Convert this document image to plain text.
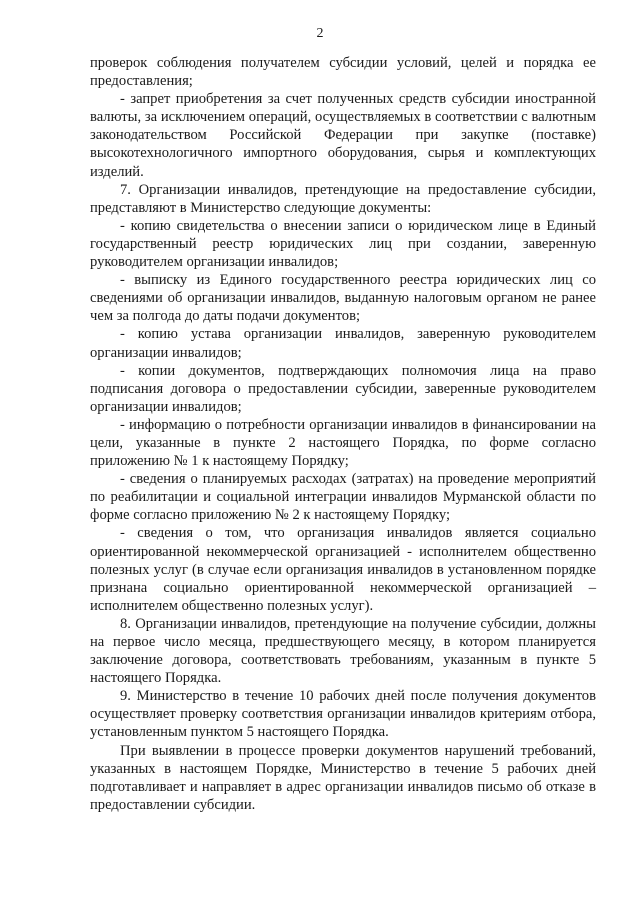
2

проверок соблюдения получателем субсидии условий, целей и порядка ее предоставления;

- запрет приобретения за счет полученных средств субсидии иностранной валюты, за исключением операций, осуществляемых в соответствии с валютным законодательством Российской Федерации при закупке (поставке) высокотехнологичного импортного оборудования, сырья и комплектующих изделий.

7. Организации инвалидов, претендующие на предоставление субсидии, представляют в Министерство следующие документы:

- копию свидетельства о внесении записи о юридическом лице в Единый государственный реестр юридических лиц при создании, заверенную руководителем организации инвалидов;

- выписку из Единого государственного реестра юридических лиц со сведениями об организации инвалидов, выданную налоговым органом не ранее чем за полгода до даты подачи документов;

- копию устава организации инвалидов, заверенную руководителем организации инвалидов;

- копии документов, подтверждающих полномочия лица на право подписания договора о предоставлении субсидии, заверенные руководителем организации инвалидов;

- информацию о потребности организации инвалидов в финансировании на цели, указанные в пункте 2 настоящего Порядка, по форме согласно приложению № 1 к настоящему Порядку;

- сведения о планируемых расходах (затратах) на проведение мероприятий по реабилитации и социальной интеграции инвалидов Мурманской области по форме согласно приложению № 2 к настоящему Порядку;

- сведения о том, что организация инвалидов является социально ориентированной некоммерческой организацией - исполнителем общественно полезных услуг (в случае если организация инвалидов в установленном порядке признана социально ориентированной некоммерческой организацией – исполнителем общественно полезных услуг).

8. Организации инвалидов, претендующие на получение субсидии, должны на первое число месяца, предшествующего месяцу, в котором планируется заключение договора, соответствовать требованиям, указанным в пункте 5 настоящего Порядка.

9. Министерство в течение 10 рабочих дней после получения документов осуществляет проверку соответствия организации инвалидов критериям отбора, установленным пунктом 5 настоящего Порядка.

При выявлении в процессе проверки документов нарушений требований, указанных в настоящем Порядке, Министерство в течение 5 рабочих дней подготавливает и направляет в адрес организации инвалидов письмо об отказе в предоставлении субсидии.
